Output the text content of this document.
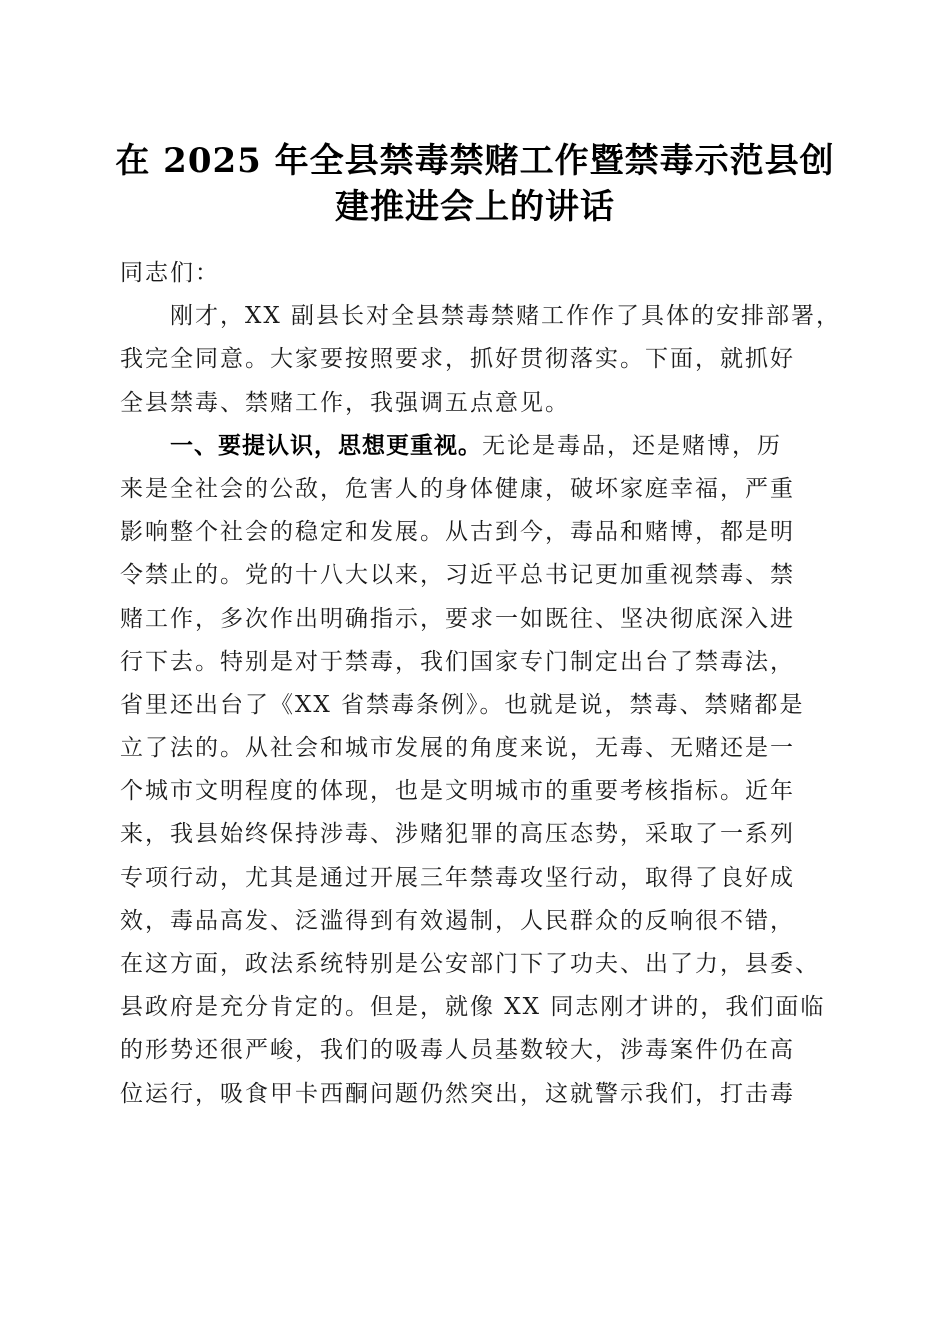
在 2025 年全县禁毒禁赌工作暨禁毒示范县创
建推进会上的讲话
同志们：
刚才，XX 副县长对全县禁毒禁赌工作作了具体的安排部署，
我完全同意。大家要按照要求，抓好贯彻落实。下面，就抓好
全县禁毒、禁赌工作，我强调五点意见。
一、要提认识，思想更重视。无论是毒品，还是赌博，历
来是全社会的公敌，危害人的身体健康，破坏家庭幸福，严重
影响整个社会的稳定和发展。从古到今，毒品和赌博，都是明
令禁止的。党的十八大以来，习近平总书记更加重视禁毒、禁
赌工作，多次作出明确指示，要求一如既往、坚决彻底深入进
行下去。特别是对于禁毒，我们国家专门制定出台了禁毒法，
省里还出台了《XX 省禁毒条例》。也就是说，禁毒、禁赌都是
立了法的。从社会和城市发展的角度来说，无毒、无赌还是一
个城市文明程度的体现，也是文明城市的重要考核指标。近年
来，我县始终保持涉毒、涉赌犯罪的高压态势，采取了一系列
专项行动，尤其是通过开展三年禁毒攻坚行动，取得了良好成
效，毒品高发、泛滥得到有效遏制，人民群众的反响很不错，
在这方面，政法系统特别是公安部门下了功夫、出了力，县委、
县政府是充分肯定的。但是，就像 XX 同志刚才讲的，我们面临
的形势还很严峻，我们的吸毒人员基数较大，涉毒案件仍在高
位运行，吸食甲卡西酮问题仍然突出，这就警示我们，打击毒
